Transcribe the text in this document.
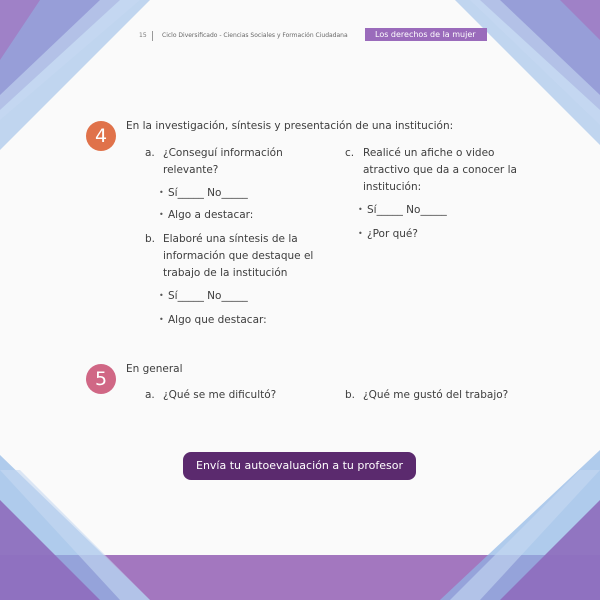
15	Ciclo Diversificado - Ciencias Sociales y Formación Ciudadana	Los derechos de la mujer
4	En la investigación, síntesis y presentación de una institución:
a. ¿Conseguí información
relevante?
• Sí_____ No_____
• Algo a destacar:
b. Elaboré una síntesis de la
información que destaque el
trabajo de la institución
• Sí_____ No_____
• Algo que destacar:
c. Realicé un afiche o video
atractivo que da a conocer la
institución:
• Sí_____ No_____
• ¿Por qué?
5	En general
a. ¿Qué se me dificultó?	b. ¿Qué me gustó del trabajo?
Envía tu autoevaluación a tu profesor
